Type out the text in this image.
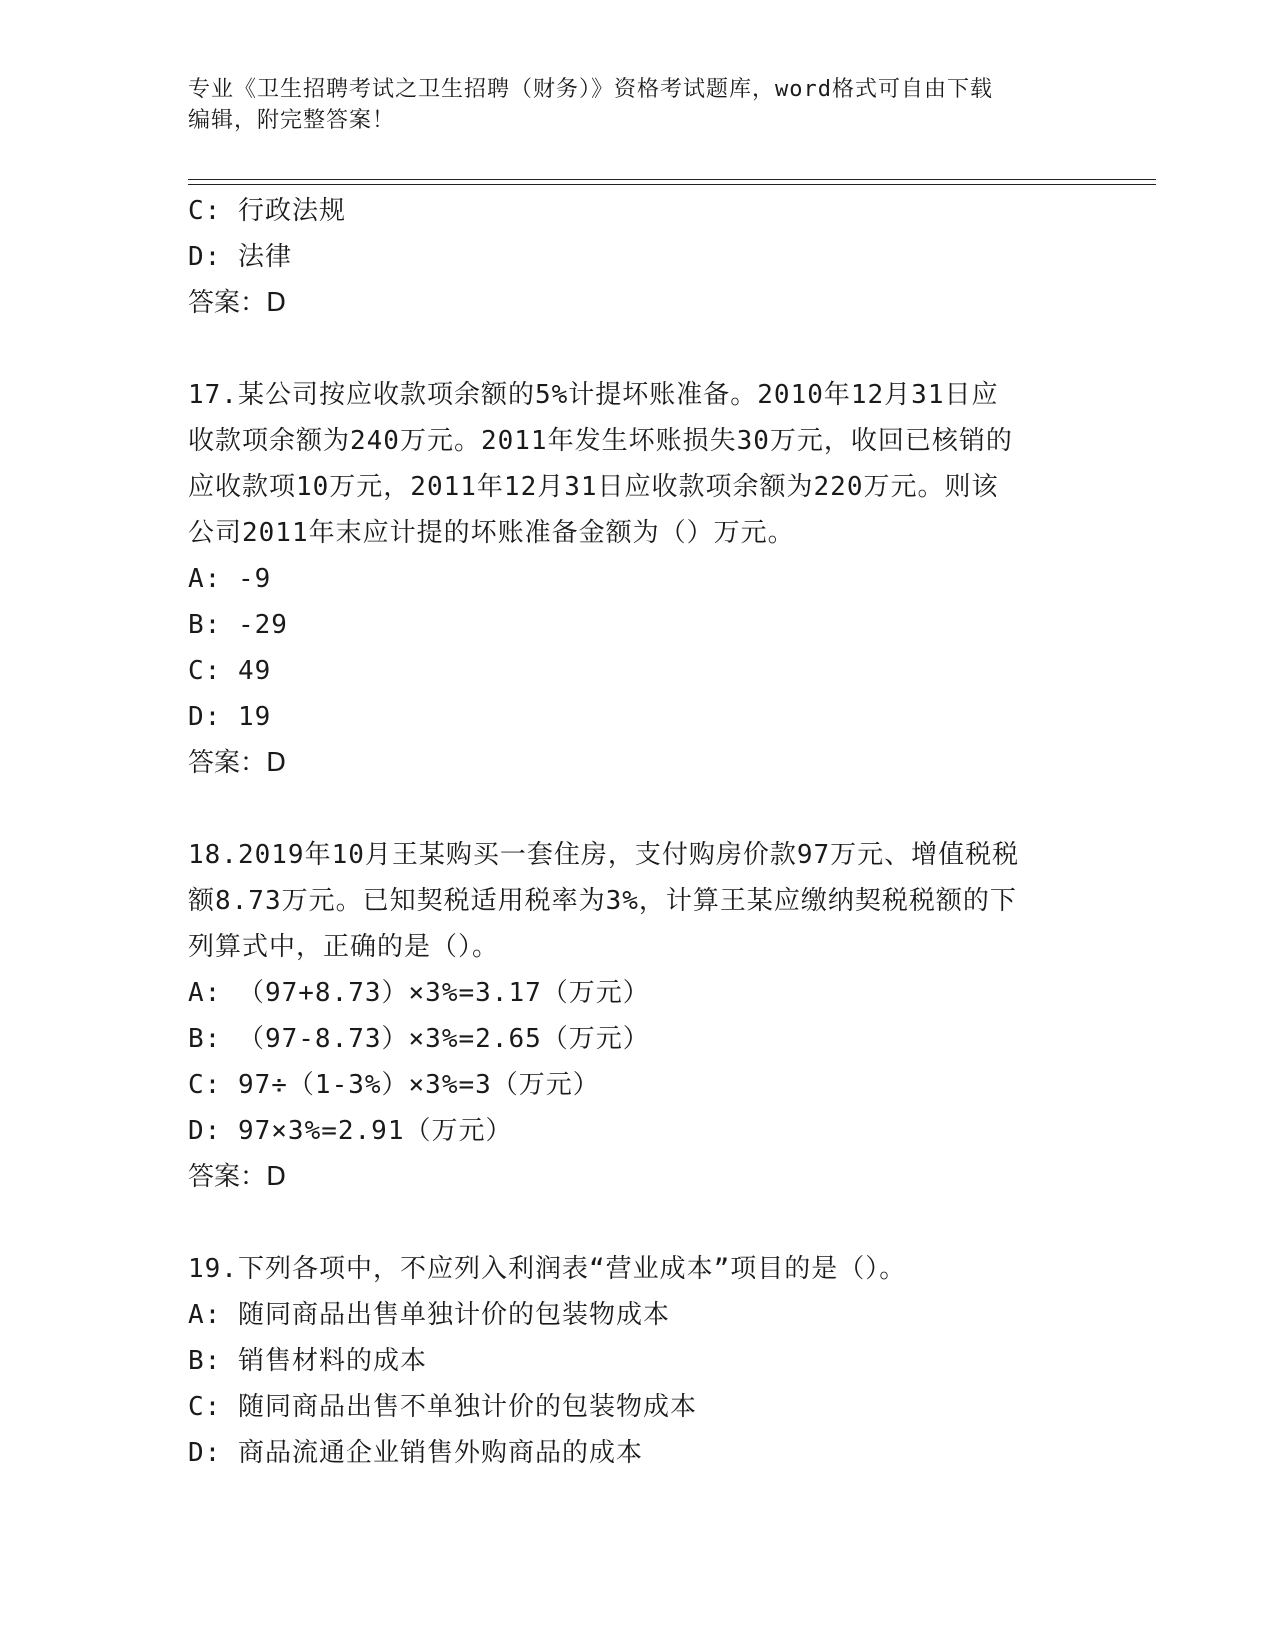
专业《卫生招聘考试之卫生招聘（财务）》资格考试题库，word格式可自由下载
编辑，附完整答案！
C: 行政法规
D: 法律
答案：D
17.某公司按应收款项余额的5%计提坏账准备。2010年12月31日应
收款项余额为240万元。2011年发生坏账损失30万元，收回已核销的
应收款项10万元，2011年12月31日应收款项余额为220万元。则该
公司2011年末应计提的坏账准备金额为（）万元。
A: -9
B: -29
C: 49
D: 19
答案：D
18.2019年10月王某购买一套住房，支付购房价款97万元、增值税税
额8.73万元。已知契税适用税率为3%，计算王某应缴纳契税税额的下
列算式中，正确的是（）。
A: （97+8.73）×3%=3.17（万元）
B: （97-8.73）×3%=2.65（万元）
C: 97÷（1-3%）×3%=3（万元）
D: 97×3%=2.91（万元）
答案：D
19.下列各项中，不应列入利润表“营业成本”项目的是（）。
A: 随同商品出售单独计价的包装物成本
B: 销售材料的成本
C: 随同商品出售不单独计价的包装物成本
D: 商品流通企业销售外购商品的成本
